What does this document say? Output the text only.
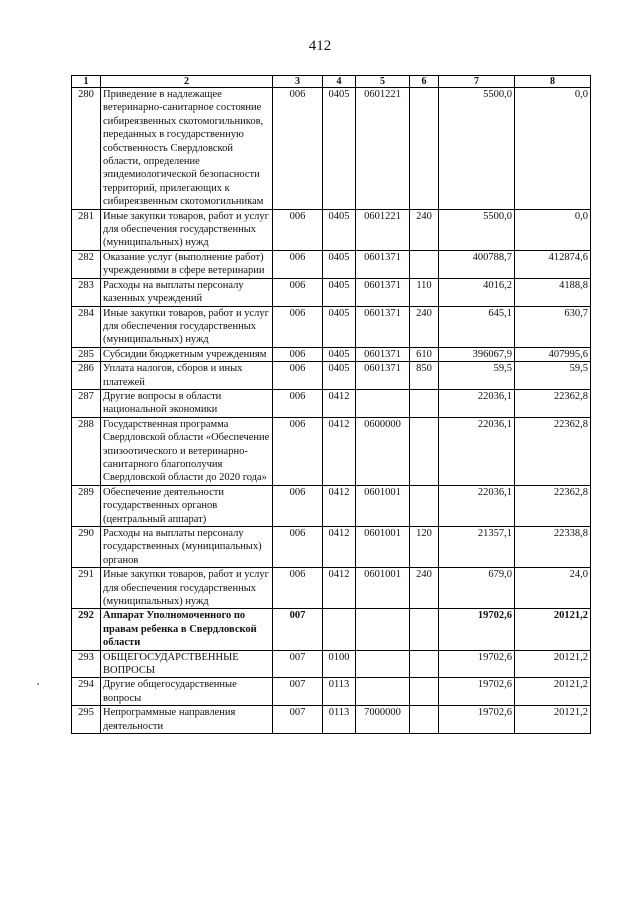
412
1	2	3	4	5	6	7	8
280	Приведение в надлежащее ветеринарно-санитарное состояние сибиреязвенных скотомогильников, переданных в государственную собственность Свердловской области, определение эпидемиологической безопасности территорий, прилегающих к сибиреязвенным скотомогильникам	006	0405	0601221		5500,0	0,0
281	Иные закупки товаров, работ и услуг для обеспечения государственных (муниципальных) нужд	006	0405	0601221	240	5500,0	0,0
282	Оказание услуг (выполнение работ) учреждениями в сфере ветеринарии	006	0405	0601371		400788,7	412874,6
283	Расходы на выплаты персоналу казенных учреждений	006	0405	0601371	110	4016,2	4188,8
284	Иные закупки товаров, работ и услуг для обеспечения государственных (муниципальных) нужд	006	0405	0601371	240	645,1	630,7
285	Субсидии бюджетным учреждениям	006	0405	0601371	610	396067,9	407995,6
286	Уплата налогов, сборов и иных платежей	006	0405	0601371	850	59,5	59,5
287	Другие вопросы в области национальной экономики	006	0412			22036,1	22362,8
288	Государственная программа Свердловской области «Обеспечение эпизоотического и ветеринарно-санитарного благополучия Свердловской области до 2020 года»	006	0412	0600000		22036,1	22362,8
289	Обеспечение деятельности государственных органов (центральный аппарат)	006	0412	0601001		22036,1	22362,8
290	Расходы на выплаты персоналу государственных (муниципальных) органов	006	0412	0601001	120	21357,1	22338,8
291	Иные закупки товаров, работ и услуг для обеспечения государственных (муниципальных) нужд	006	0412	0601001	240	679,0	24,0
292	Аппарат Уполномоченного по правам ребенка в Свердловской области	007				19702,6	20121,2
293	ОБЩЕГОСУДАРСТВЕННЫЕ ВОПРОСЫ	007	0100			19702,6	20121,2
294	Другие общегосударственные вопросы	007	0113			19702,6	20121,2
295	Непрограммные направления деятельности	007	0113	7000000		19702,6	20121,2
